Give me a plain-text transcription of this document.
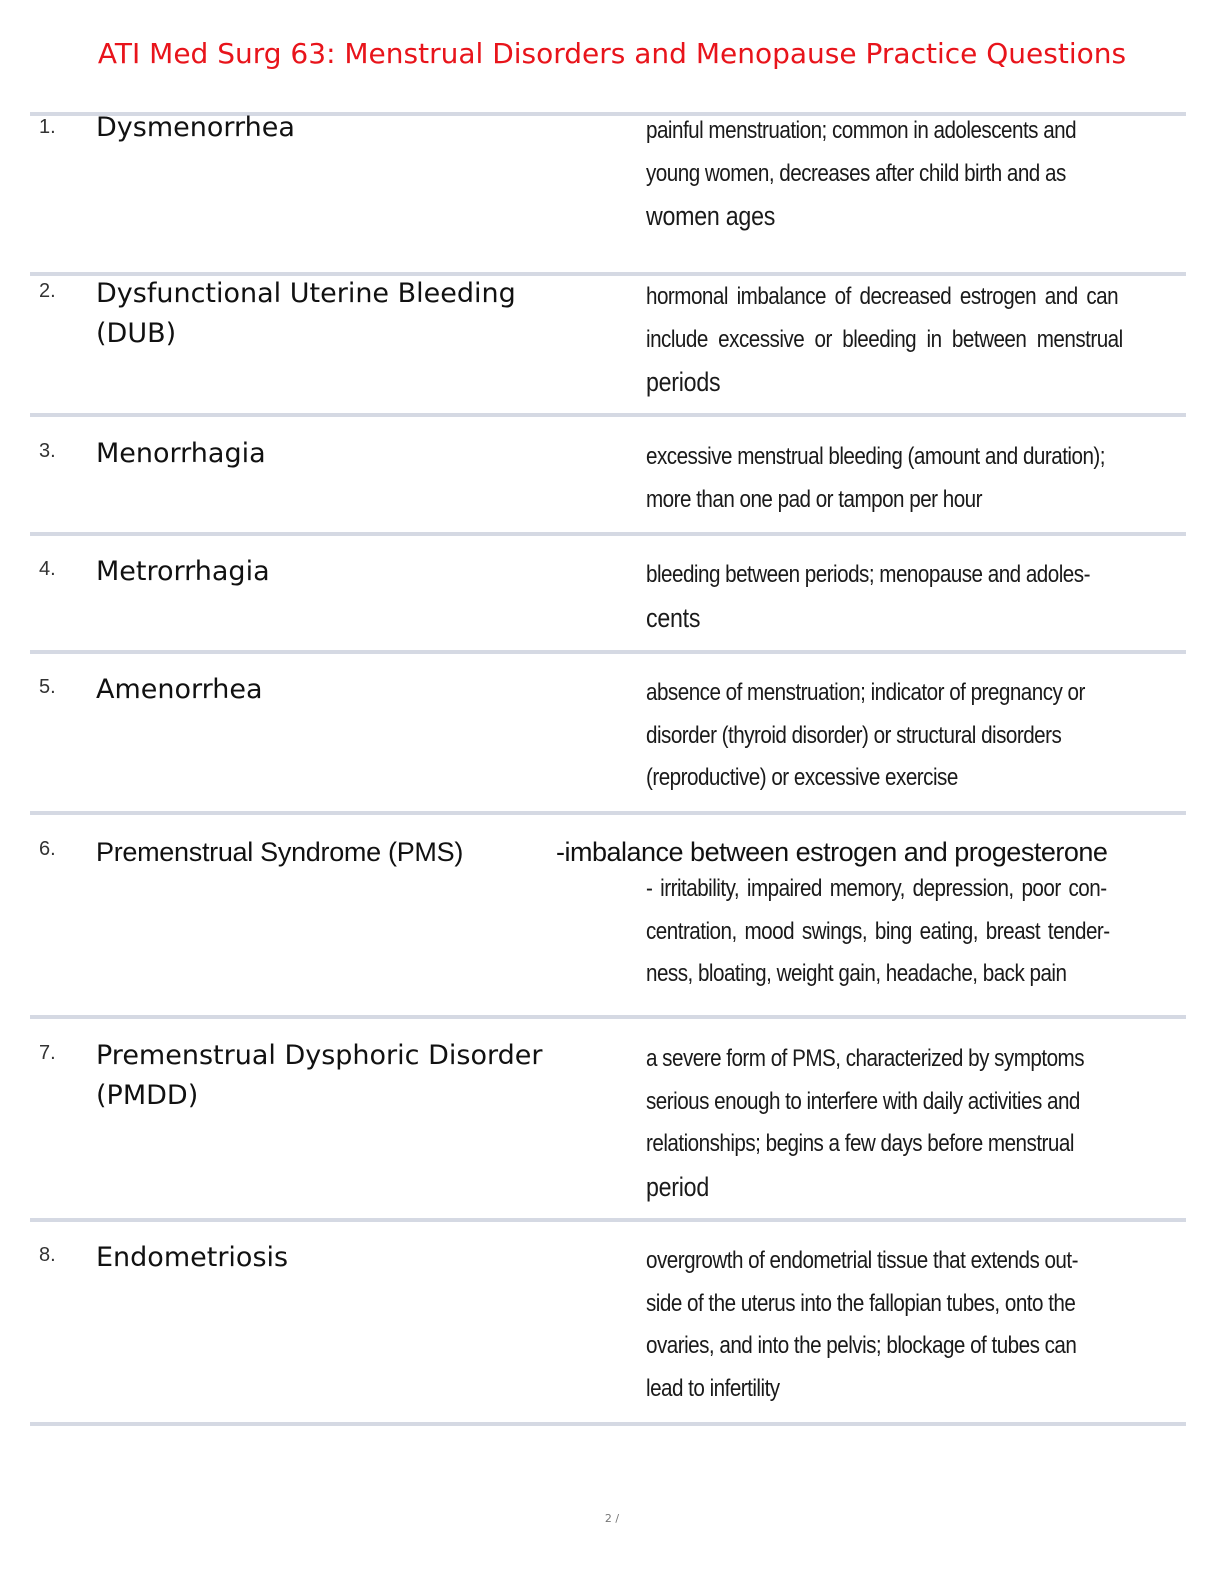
ATI Med Surg 63: Menstrual Disorders and Menopause Practice Questions
1. Dysmenorrhea	painful menstruation; common in adolescents and
young women, decreases after child birth and as
women ages
2. Dysfunctional Uterine Bleeding (DUB)
hormonal imbalance of decreased estrogen and can
include excessive or bleeding in between menstrual
periods
3. Menorrhagia	excessive menstrual bleeding (amount and duration);
more than one pad or tampon per hour
4. Metrorrhagia	bleeding between periods; menopause and adoles-
cents
5. Amenorrhea	absence of menstruation; indicator of pregnancy or
disorder (thyroid disorder) or structural disorders
(reproductive) or excessive exercise
6. Premenstrual Syndrome (PMS)	-imbalance between estrogen and progesterone
- irritability, impaired memory, depression, poor con-
centration, mood swings, bing eating, breast tender-
ness, bloating, weight gain, headache, back pain
7. Premenstrual Dysphoric Disorder (PMDD)
a severe form of PMS, characterized by symptoms
serious enough to interfere with daily activities and
relationships; begins a few days before menstrual
period
8. Endometriosis	overgrowth of endometrial tissue that extends out-
side of the uterus into the fallopian tubes, onto the
ovaries, and into the pelvis; blockage of tubes can
lead to infertility
2 /
